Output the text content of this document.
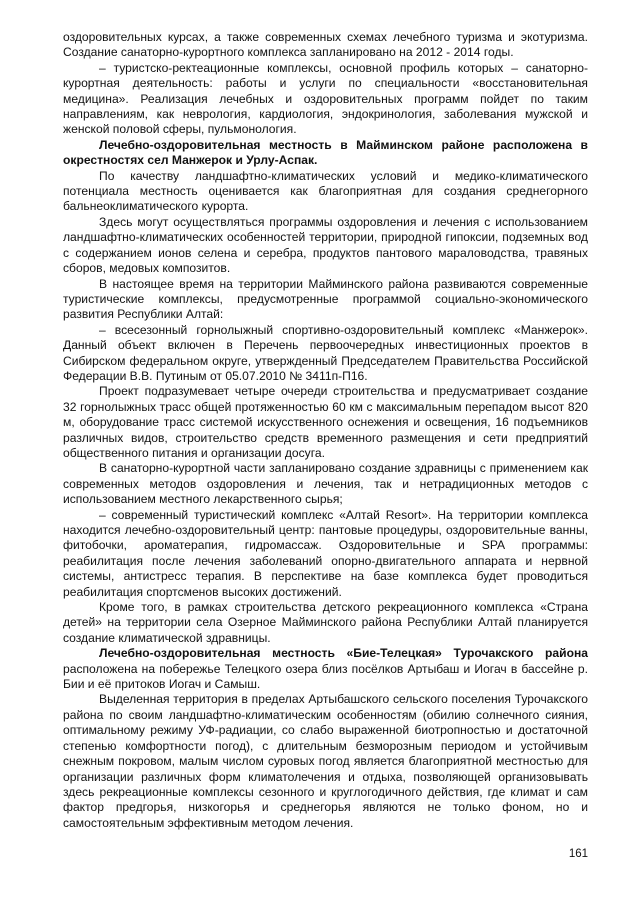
оздоровительных курсах, а также современных схемах лечебного туризма и экотуризма. Создание санаторно-курортного комплекса запланировано на 2012 - 2014 годы.

– туристско-ректеационные комплексы, основной профиль которых – санаторно-курортная деятельность: работы и услуги по специальности «восстановительная медицина». Реализация лечебных и оздоровительных программ пойдет по таким направлениям, как неврология, кардиология, эндокринология, заболевания мужской и женской половой сферы, пульмонология.

Лечебно-оздоровительная местность в Майминском районе расположена в окрестностях сел Манжерок и Урлу-Аспак.

По качеству ландшафтно-климатических условий и медико-климатического потенциала местность оценивается как благоприятная для создания среднегорного бальнеоклиматического курорта.

Здесь могут осуществляться программы оздоровления и лечения с использованием ландшафтно-климатических особенностей территории, природной гипоксии, подземных вод с содержанием ионов селена и серебра, продуктов пантового мараловодства, травяных сборов, медовых композитов.

В настоящее время на территории Майминского района развиваются современные туристические комплексы, предусмотренные программой социально-экономического развития Республики Алтай:

– всесезонный горнолыжный спортивно-оздоровительный комплекс «Манжерок». Данный объект включен в Перечень первоочередных инвестиционных проектов в Сибирском федеральном округе, утвержденный Председателем Правительства Российской Федерации В.В. Путиным от 05.07.2010 № 3411п-П16.

Проект подразумевает четыре очереди строительства и предусматривает создание 32 горнолыжных трасс общей протяженностью 60 км с максимальным перепадом высот 820 м, оборудование трасс системой искусственного оснежения и освещения, 16 подъемников различных видов, строительство средств временного размещения и сети предприятий общественного питания и организации досуга.

В санаторно-курортной части запланировано создание здравницы с применением как современных методов оздоровления и лечения, так и нетрадиционных методов с использованием местного лекарственного сырья;

– современный туристический комплекс «Алтай Resort». На территории комплекса находится лечебно-оздоровительный центр: пантовые процедуры, оздоровительные ванны, фитобочки, ароматерапия, гидромассаж. Оздоровительные и SPA программы: реабилитация после лечения заболеваний опорно-двигательного аппарата и нервной системы, антистресс терапия. В перспективе на базе комплекса будет проводиться реабилитация спортсменов высоких достижений.

Кроме того, в рамках строительства детского рекреационного комплекса «Страна детей» на территории села Озерное Майминского района Республики Алтай планируется создание климатической здравницы.

Лечебно-оздоровительная местность «Бие-Телецкая» Турочакского района расположена на побережье Телецкого озера близ посёлков Артыбаш и Иогач в бассейне р. Бии и её притоков Иогач и Самыш.

Выделенная территория в пределах Артыбашского сельского поселения Турочакского района по своим ландшафтно-климатическим особенностям (обилию солнечного сияния, оптимальному режиму УФ-радиации, со слабо выраженной биотропностью и достаточной степенью комфортности погод), с длительным безморозным периодом и устойчивым снежным покровом, малым числом суровых погод является благоприятной местностью для организации различных форм климатолечения и отдыха, позволяющей организовывать здесь рекреационные комплексы сезонного и круглогодичного действия, где климат и сам фактор предгорья, низкогорья и среднегорья являются не только фоном, но и самостоятельным эффективным методом лечения.

161
